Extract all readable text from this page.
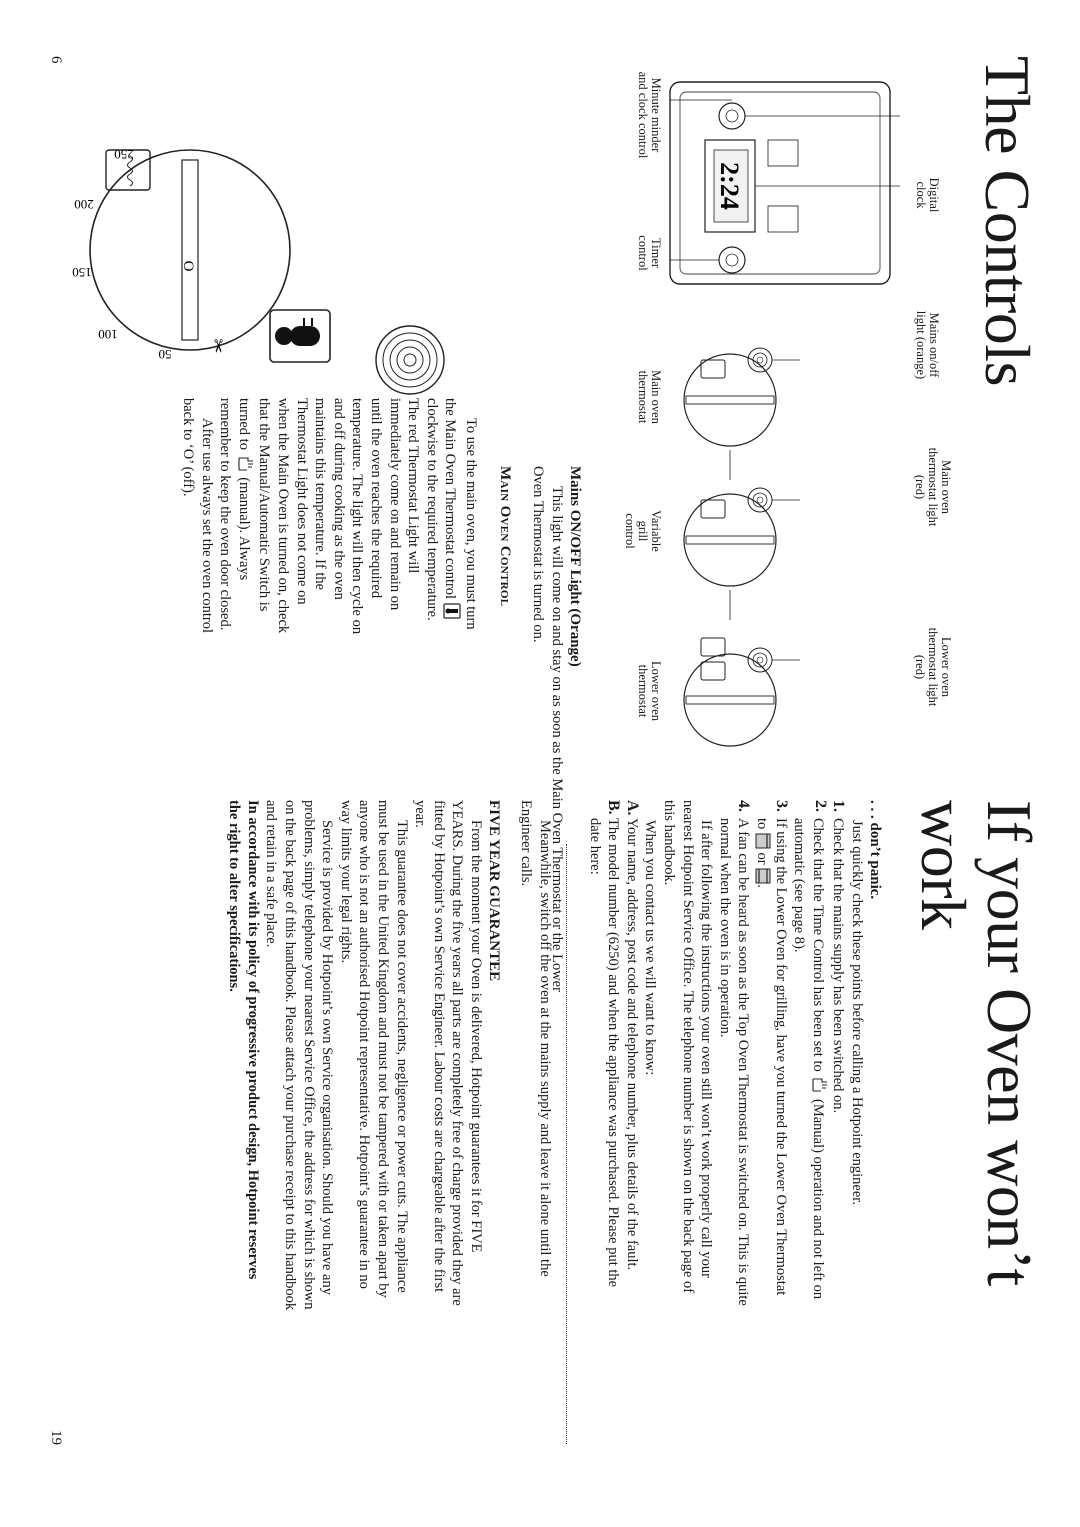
6	The Controls
2:24	Digital
clock
Minute minder
and clock control
Timer
control
Mains on/off
light (orange)
Main oven
thermostat
Main oven
thermostat light
(red)
Variable
grill
control
Lower oven
thermostat light
(red)
Lower oven
thermostat
Mains ON/OFF Light (Orange)

This light will come on and stay on as soon as the Main Oven Thermostat or the Lower Oven Thermostat is turned on.

Main Oven Control
O
50
100
150
200
250
✂

To use the main oven, you must turn

the Main Oven Thermostat control

clockwise to the required temperature.

The red Thermostat Light will

immediately come on and remain on

until the oven reaches the required

temperature. The light will then cycle on

and off during cooking as the oven

maintains this temperature. If the

Thermostat Light does not come on

when the Main Oven is turned on, check

that the Manual/Automatic Switch is

turned to  (manual). Always

remember to keep the oven door closed.

After use always set the oven control

back to ‘O’ (off).

19
If your Oven won’t
work
. . . don’t panic.

Just quickly check these points before calling a Hotpoint engineer.

1.

Check that the mains supply has been switched on.

2.

Check that the Time Control has been set to  (Manual) operation and not left on

automatic (see page 8).

3.

If using the Lower Oven for grilling, have you turned the Lower Oven Thermostat

to  or .

4.

A fan can be heard as soon as the Top Oven Thermostat is switched on. This is quite

normal when the oven is in operation.

If after following the instructions your oven still won’t work properly call your

nearest Hotpoint Service Office. The telephone number is shown on the back page of

this handbook.

When you contact us we will want to know:

A.

Your name, address, post code and telephone number, plus details of the fault.

B.

The model number (6250) and when the appliance was purchased. Please put the

date here:

Meanwhile, switch off the oven at the mains supply and leave it alone until the

Engineer calls.

FIVE YEAR GUARANTEE

From the moment your Oven is delivered, Hotpoint guarantees it for FIVE

YEARS. During the five years all parts are completely free of charge provided they are

fitted by Hotpoint’s own Service Engineer. Labour costs are chargeable after the first

year.

This guarantee does not cover accidents, negligence or power cuts. The appliance

must be used in the United Kingdom and must not be tampered with or taken apart by

anyone who is not an authorised Hotpoint representative. Hotpoint’s guarantee in no

way limits your legal rights.

Service is provided by Hotpoint’s own Service organisation. Should you have any

problems, simply telephone your nearest Service Office, the address for which is shown

on the back page of this handbook. Please attach your purchase receipt to this handbook

and retain in a safe place.

In accordance with its policy of progressive product design, Hotpoint reserves

the right to alter specifications.
